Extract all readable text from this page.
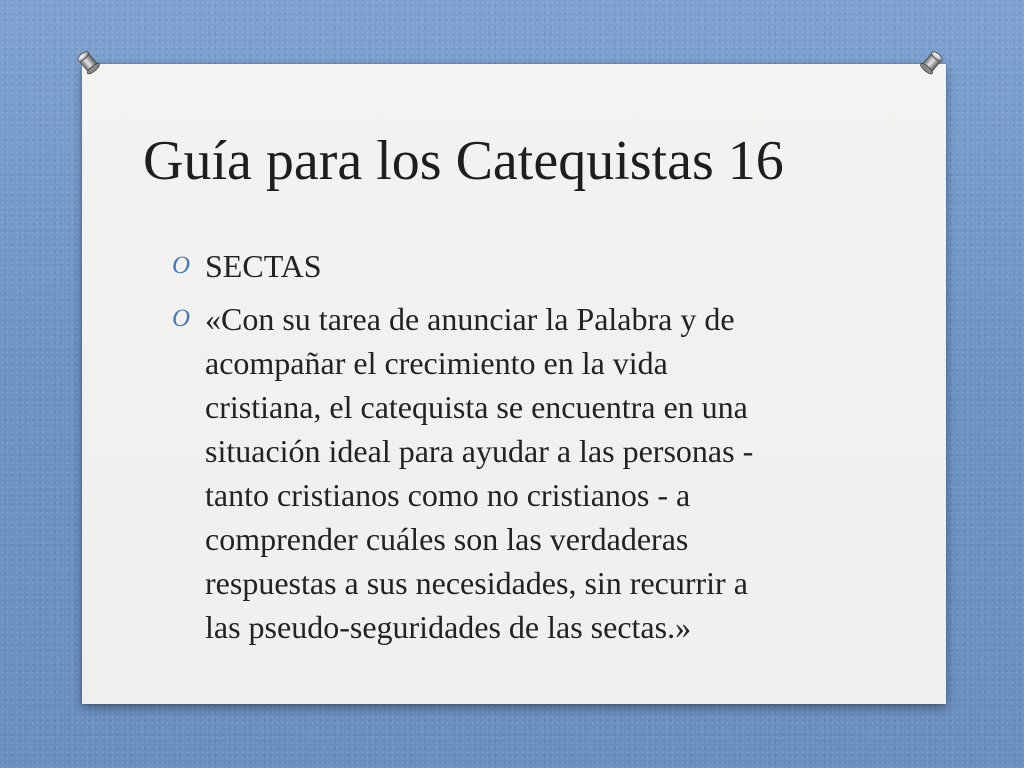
Guía para los Catequistas 16
O SECTAS
O «Con su tarea de anunciar la Palabra y de
acompañar el crecimiento en la vida
cristiana, el catequista se encuentra en una
situación ideal para ayudar a las personas -
tanto cristianos como no cristianos - a
comprender cuáles son las verdaderas
respuestas a sus necesidades, sin recurrir a
las pseudo-seguridades de las sectas.»
